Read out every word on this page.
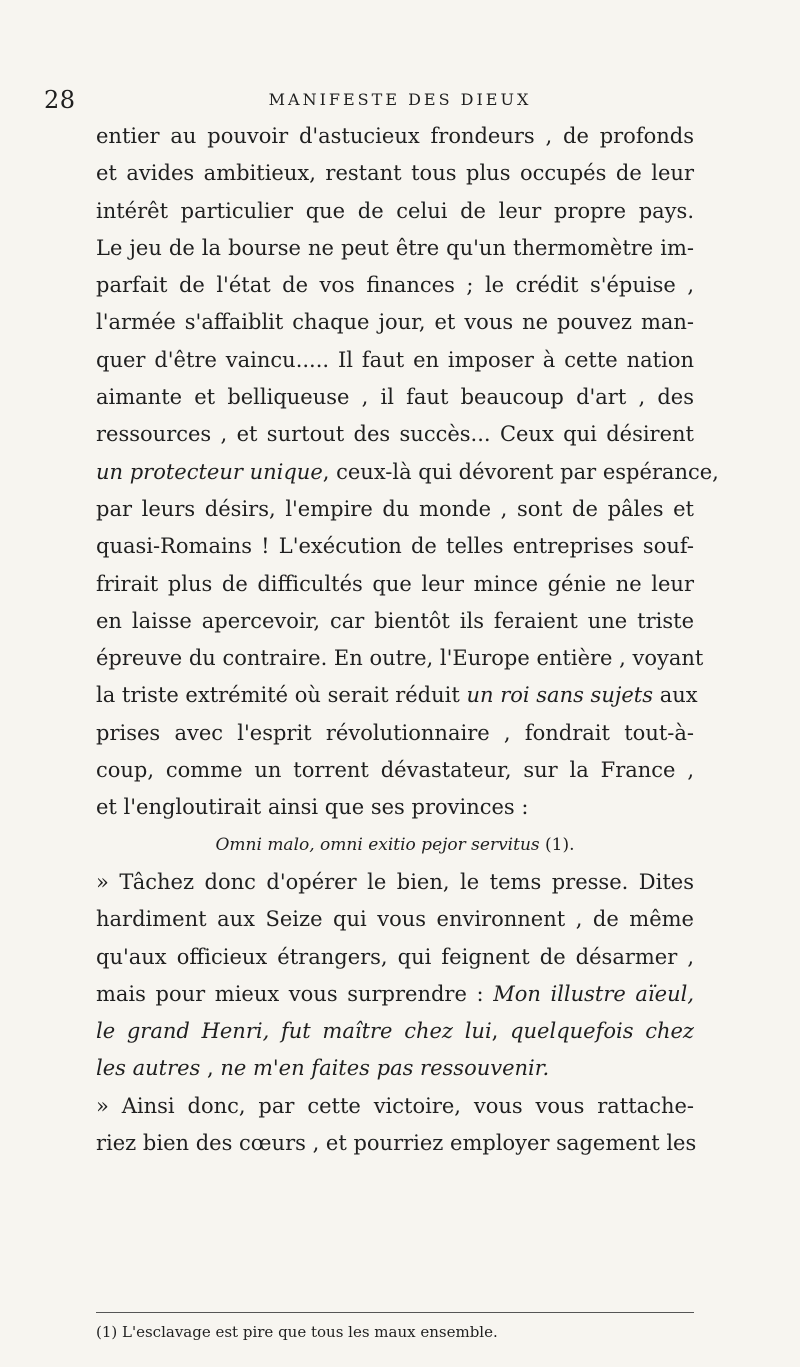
28	MANIFESTE DES DIEUX
entier au pouvoir d'astucieux frondeurs , de profonds
et avides ambitieux, restant tous plus occupés de leur
intérêt particulier que de celui de leur propre pays.
Le jeu de la bourse ne peut être qu'un thermomètre im-
parfait de l'état de vos finances ; le crédit s'épuise ,
l'armée s'affaiblit chaque jour, et vous ne pouvez man-
quer d'être vaincu..... Il faut en imposer à cette nation
aimante et belliqueuse , il faut beaucoup d'art , des
ressources , et surtout des succès... Ceux qui désirent
un protecteur unique, ceux-là qui dévorent par espérance,
par leurs désirs, l'empire du monde , sont de pâles et
quasi-Romains ! L'exécution de telles entreprises souf-
frirait plus de difficultés que leur mince génie ne leur
en laisse apercevoir, car bientôt ils feraient une triste
épreuve du contraire. En outre, l'Europe entière , voyant
la triste extrémité où serait réduit un roi sans sujets aux
prises avec l'esprit révolutionnaire , fondrait tout-à-
coup, comme un torrent dévastateur, sur la France ,
et l'engloutirait ainsi que ses provinces :
Omni malo, omni exitio pejor servitus (1).
» Tâchez donc d'opérer le bien, le tems presse. Dites
hardiment aux Seize qui vous environnent , de même
qu'aux officieux étrangers, qui feignent de désarmer ,
mais pour mieux vous surprendre : Mon illustre aïeul,
le grand Henri, fut maître chez lui, quelquefois chez
les autres , ne m'en faites pas ressouvenir.
» Ainsi donc, par cette victoire, vous vous rattache-
riez bien des cœurs , et pourriez employer sagement les
(1) L'esclavage est pire que tous les maux ensemble.
